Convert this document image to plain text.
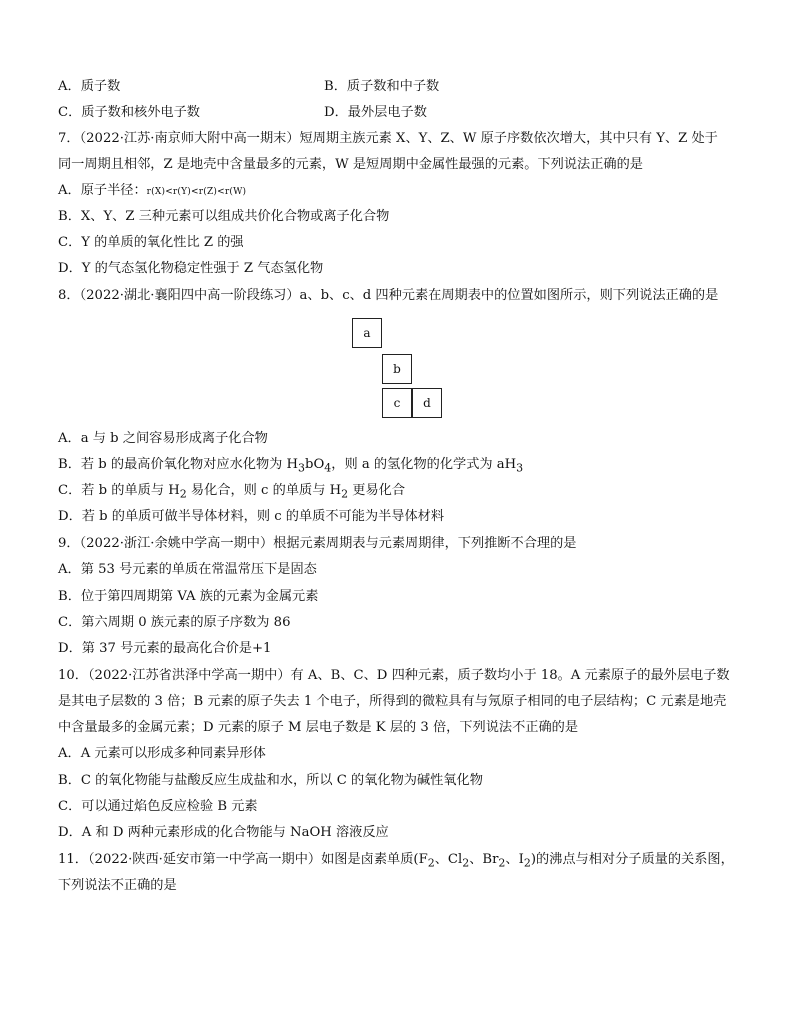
A．质子数	B．质子数和中子数
C．质子数和核外电子数	D．最外层电子数
7．（2022·江苏·南京师大附中高一期末）短周期主族元素 X、Y、Z、W 原子序数依次增大，其中只有 Y、Z 处于
同一周期且相邻，Z 是地壳中含量最多的元素，W 是短周期中金属性最强的元素。下列说法正确的是
A．原子半径：r(X)<r(Y)<r(Z)<r(W)
B．X、Y、Z 三种元素可以组成共价化合物或离子化合物
C．Y 的单质的氧化性比 Z 的强
D．Y 的气态氢化物稳定性强于 Z 气态氢化物
8．（2022·湖北·襄阳四中高一阶段练习）a、b、c、d 四种元素在周期表中的位置如图所示，则下列说法正确的是
a
b
c	d
A．a 与 b 之间容易形成离子化合物
B．若 b 的最高价氧化物对应水化物为 $H_3bO_4$，则 a 的氢化物的化学式为 $aH_3$
C．若 b 的单质与 $H_2$ 易化合，则 c 的单质与 $H_2$ 更易化合
D．若 b 的单质可做半导体材料，则 c 的单质不可能为半导体材料
9．（2022·浙江·余姚中学高一期中）根据元素周期表与元素周期律，下列推断不合理的是
A．第 53 号元素的单质在常温常压下是固态
B．位于第四周期第 VA 族的元素为金属元素
C．第六周期 0 族元素的原子序数为 86
D．第 37 号元素的最高化合价是+1
10．（2022·江苏省洪泽中学高一期中）有 A、B、C、D 四种元素，质子数均小于 18。A 元素原子的最外层电子数
是其电子层数的 3 倍；B 元素的原子失去 1 个电子，所得到的微粒具有与氖原子相同的电子层结构；C 元素是地壳
中含量最多的金属元素；D 元素的原子 M 层电子数是 K 层的 3 倍，下列说法不正确的是
A．A 元素可以形成多种同素异形体
B．C 的氧化物能与盐酸反应生成盐和水，所以 C 的氧化物为碱性氧化物
C．可以通过焰色反应检验 B 元素
D．A 和 D 两种元素形成的化合物能与 NaOH 溶液反应
11．（2022·陕西·延安市第一中学高一期中）如图是卤素单质($F_2$、$Cl_2$、$Br_2$、$I_2$)的沸点与相对分子质量的关系图，
下列说法不正确的是
